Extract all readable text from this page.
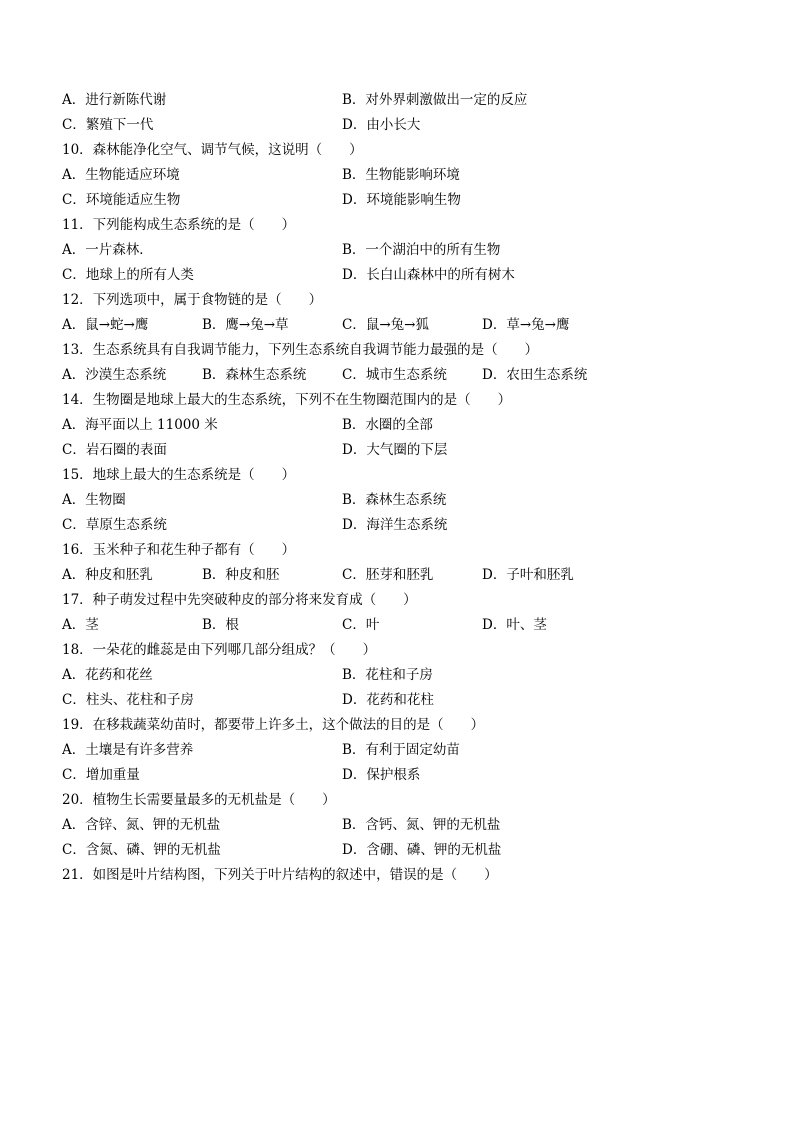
A．进行新陈代谢	B．对外界刺激做出一定的反应
C．繁殖下一代	D．由小长大
10．森林能净化空气、调节气候，这说明（　　）
A．生物能适应环境	B．生物能影响环境
C．环境能适应生物	D．环境能影响生物
11．下列能构成生态系统的是（　　）
A．一片森林．	B．一个湖泊中的所有生物
C．地球上的所有人类	D．长白山森林中的所有树木
12．下列选项中，属于食物链的是（　　）
A．鼠→蛇→鹰	B．鹰→兔→草	C．鼠→兔→狐	D．草→兔→鹰
13．生态系统具有自我调节能力，下列生态系统自我调节能力最强的是（　　）
A．沙漠生态系统	B．森林生态系统	C．城市生态系统	D．农田生态系统
14．生物圈是地球上最大的生态系统，下列不在生物圈范围内的是（　　）
A．海平面以上 11000 米	B．水圈的全部
C．岩石圈的表面	D．大气圈的下层
15．地球上最大的生态系统是（　　）
A．生物圈	B．森林生态系统
C．草原生态系统	D．海洋生态系统
16．玉米种子和花生种子都有（　　）
A．种皮和胚乳	B．种皮和胚	C．胚芽和胚乳	D．子叶和胚乳
17．种子萌发过程中先突破种皮的部分将来发育成（　　）
A．茎	B．根	C．叶	D．叶、茎
18．一朵花的雌蕊是由下列哪几部分组成？（　　）
A．花药和花丝	B．花柱和子房
C．柱头、花柱和子房	D．花药和花柱
19．在移栽蔬菜幼苗时，都要带上许多土，这个做法的目的是（　　）
A．土壤是有许多营养	B．有利于固定幼苗
C．增加重量	D．保护根系
20．植物生长需要量最多的无机盐是（　　）
A．含锌、氮、钾的无机盐	B．含钙、氮、钾的无机盐
C．含氮、磷、钾的无机盐	D．含硼、磷、钾的无机盐
21．如图是叶片结构图，下列关于叶片结构的叙述中，错误的是（　　）
